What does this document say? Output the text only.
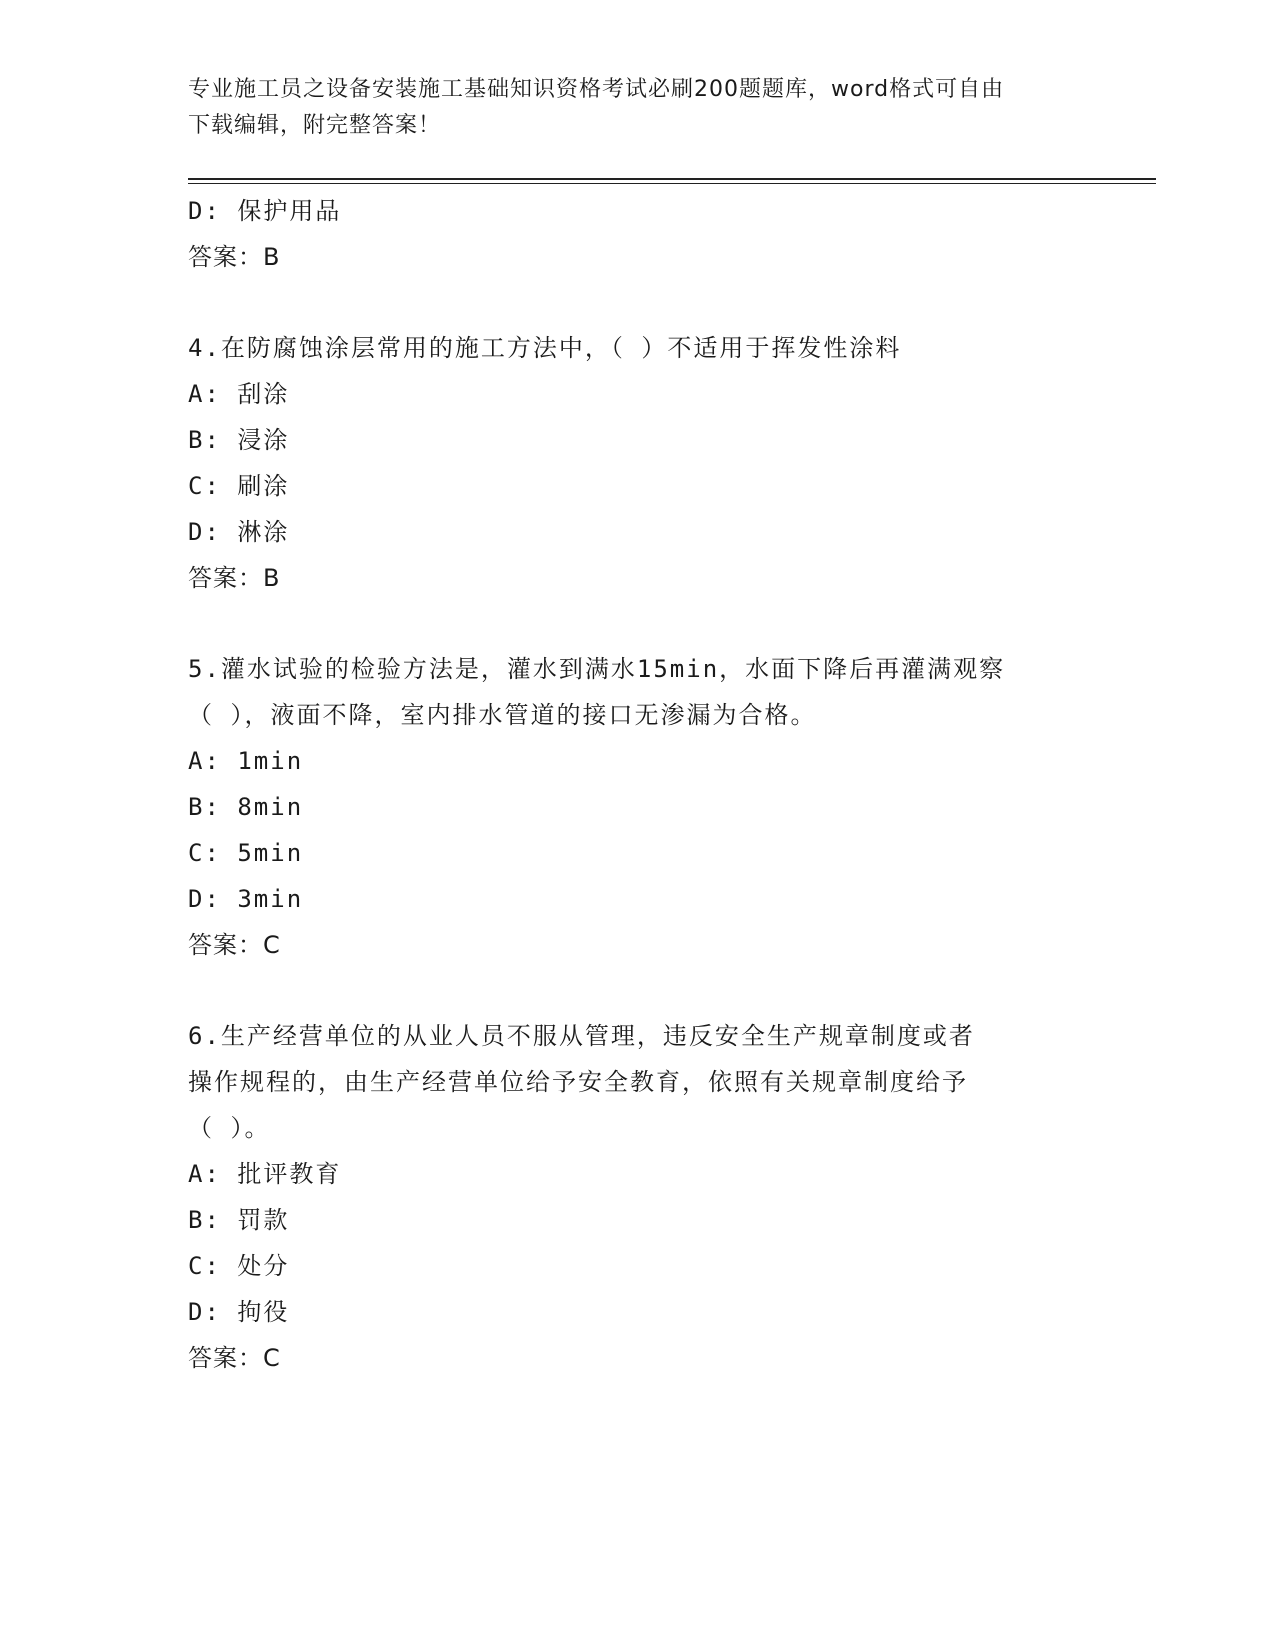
专业施工员之设备安装施工基础知识资格考试必刷200题题库，word格式可自由
下载编辑，附完整答案！
D: 保护用品
答案：B
4.在防腐蚀涂层常用的施工方法中，（ ）不适用于挥发性涂料
A: 刮涂
B: 浸涂
C: 刷涂
D: 淋涂
答案：B
5.灌水试验的检验方法是，灌水到满水15min，水面下降后再灌满观察
（ ），液面不降，室内排水管道的接口无渗漏为合格。
A: 1min
B: 8min
C: 5min
D: 3min
答案：C
6.生产经营单位的从业人员不服从管理，违反安全生产规章制度或者
操作规程的，由生产经营单位给予安全教育，依照有关规章制度给予
（ ）。
A: 批评教育
B: 罚款
C: 处分
D: 拘役
答案：C
